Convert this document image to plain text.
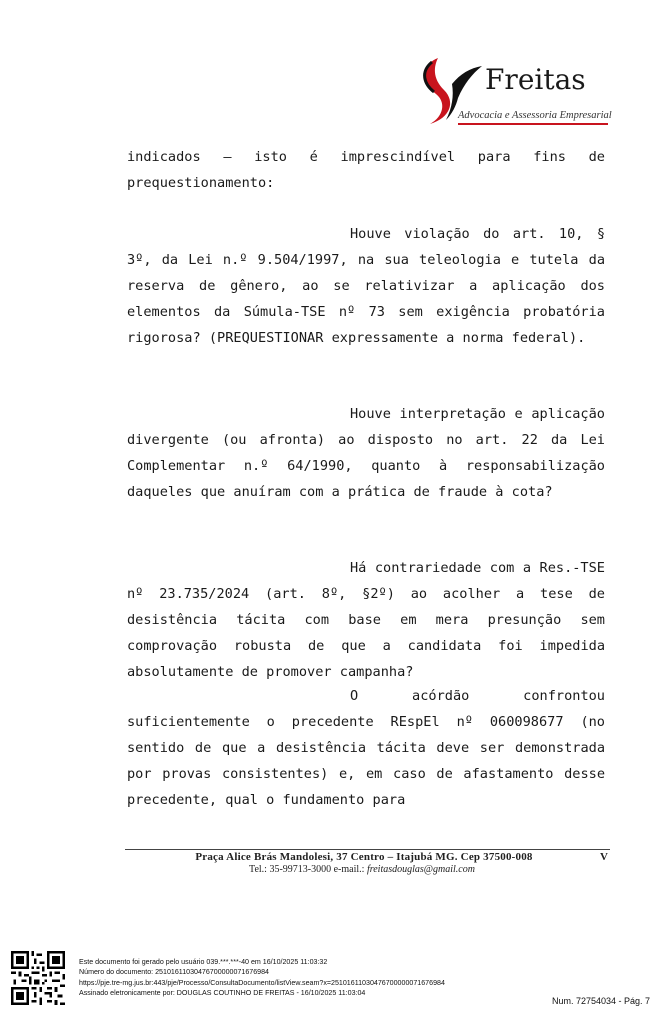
Freitas
Advocacia e Assessoria Empresarial

indicados — isto é imprescindível para fins de prequestionamento:

Houve violação do art. 10, § 3º, da Lei n.º 9.504/1997, na sua teleologia e tutela da reserva de gênero, ao se relativizar a aplicação dos elementos da Súmula-TSE nº 73 sem exigência probatória rigorosa? (PREQUESTIONAR expressamente a norma federal).

Houve interpretação e aplicação divergente (ou afronta) ao disposto no art. 22 da Lei Complementar n.º 64/1990, quanto à responsabilização daqueles que anuíram com a prática de fraude à cota?

Há contrariedade com a Res.-TSE nº 23.735/2024 (art. 8º, §2º) ao acolher a tese de desistência tácita com base em mera presunção sem comprovação robusta de que a candidata foi impedida absolutamente de promover campanha?

O acórdão confrontou suficientemente o precedente REspEl nº 060098677 (no sentido de que a desistência tácita deve ser demonstrada por provas consistentes) e, em caso de afastamento desse precedente, qual o fundamento para

Praça Alice Brás Mandolesi, 37 Centro – Itajubá MG. Cep 37500-008	V
Tel.: 35-99713-3000 e-mail.: freitasdouglas@gmail.com
Este documento foi gerado pelo usuário 039.***.***-40 em 16/10/2025 11:03:32
Número do documento: 25101611030476700000071676984
https://pje.tre-mg.jus.br:443/pje/Processo/ConsultaDocumento/listView.seam?x=25101611030476700000071676984
Assinado eletronicamente por: DOUGLAS COUTINHO DE FREITAS - 16/10/2025 11:03:04
Num. 72754034 - Pág. 7
